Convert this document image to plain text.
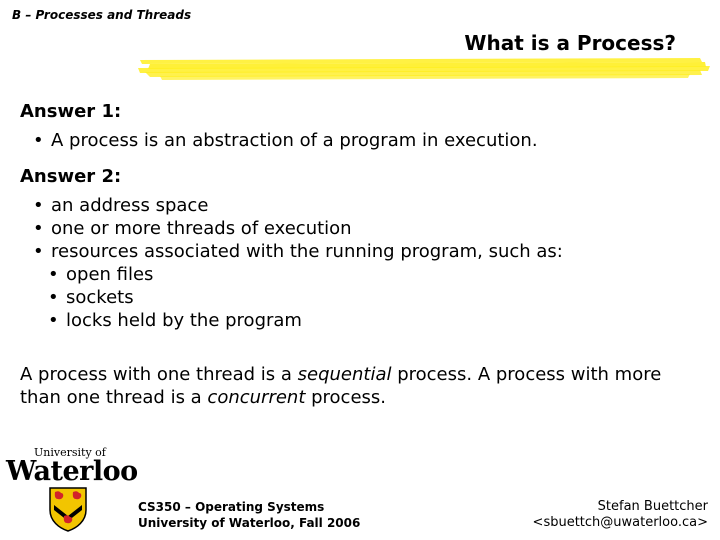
B – Processes and Threads
What is a Process?

Answer 1:

• A process is an abstraction of a program in execution.

Answer 2:

• an address space
• one or more threads of execution
• resources associated with the running program, such as:
• open files
• sockets
• locks held by the program

A process with one thread is a sequential process. A process with more than one thread is a concurrent process.

University of
Waterloo
CS350 – Operating Systems
University of Waterloo, Fall 2006
Stefan Buettcher
<sbuettch@uwaterloo.ca>
